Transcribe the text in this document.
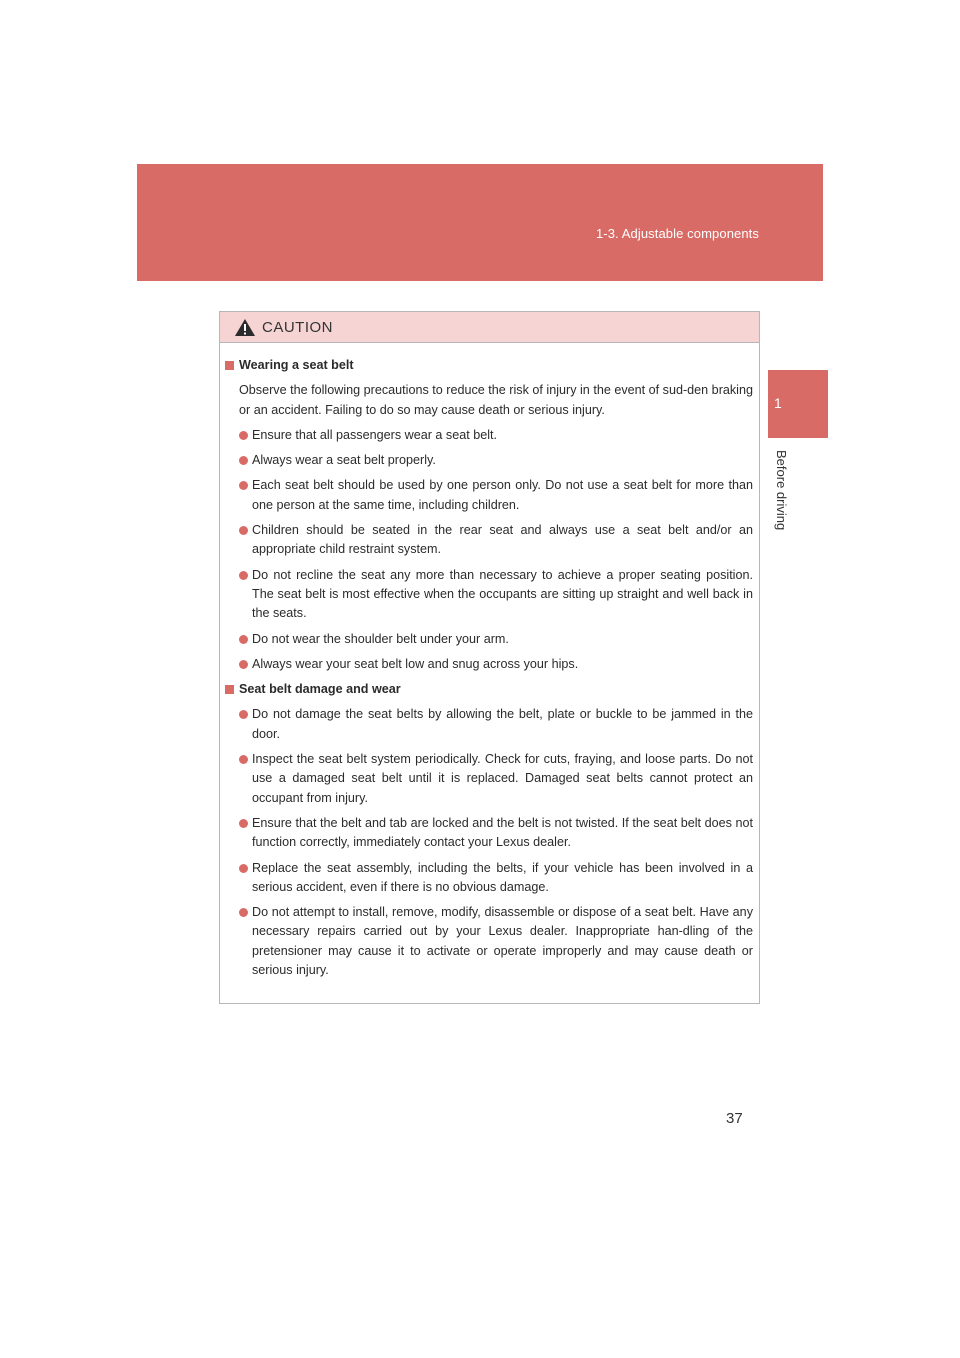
1-3. Adjustable components
1
Before driving
CAUTION
Wearing a seat belt
Observe the following precautions to reduce the risk of injury in the event of sud-den braking or an accident. Failing to do so may cause death or serious injury.
Ensure that all passengers wear a seat belt.
Always wear a seat belt properly.
Each seat belt should be used by one person only. Do not use a seat belt for more than one person at the same time, including children.
Children should be seated in the rear seat and always use a seat belt and/or an appropriate child restraint system.
Do not recline the seat any more than necessary to achieve a proper seating position. The seat belt is most effective when the occupants are sitting up straight and well back in the seats.
Do not wear the shoulder belt under your arm.
Always wear your seat belt low and snug across your hips.
Seat belt damage and wear
Do not damage the seat belts by allowing the belt, plate or buckle to be jammed in the door.
Inspect the seat belt system periodically. Check for cuts, fraying, and loose parts. Do not use a damaged seat belt until it is replaced. Damaged seat belts cannot protect an occupant from injury.
Ensure that the belt and tab are locked and the belt is not twisted. If the seat belt does not function correctly, immediately contact your Lexus dealer.
Replace the seat assembly, including the belts, if your vehicle has been involved in a serious accident, even if there is no obvious damage.
Do not attempt to install, remove, modify, disassemble or dispose of a seat belt. Have any necessary repairs carried out by your Lexus dealer. Inappropriate han-dling of the pretensioner may cause it to activate or operate improperly and may cause death or serious injury.
37
